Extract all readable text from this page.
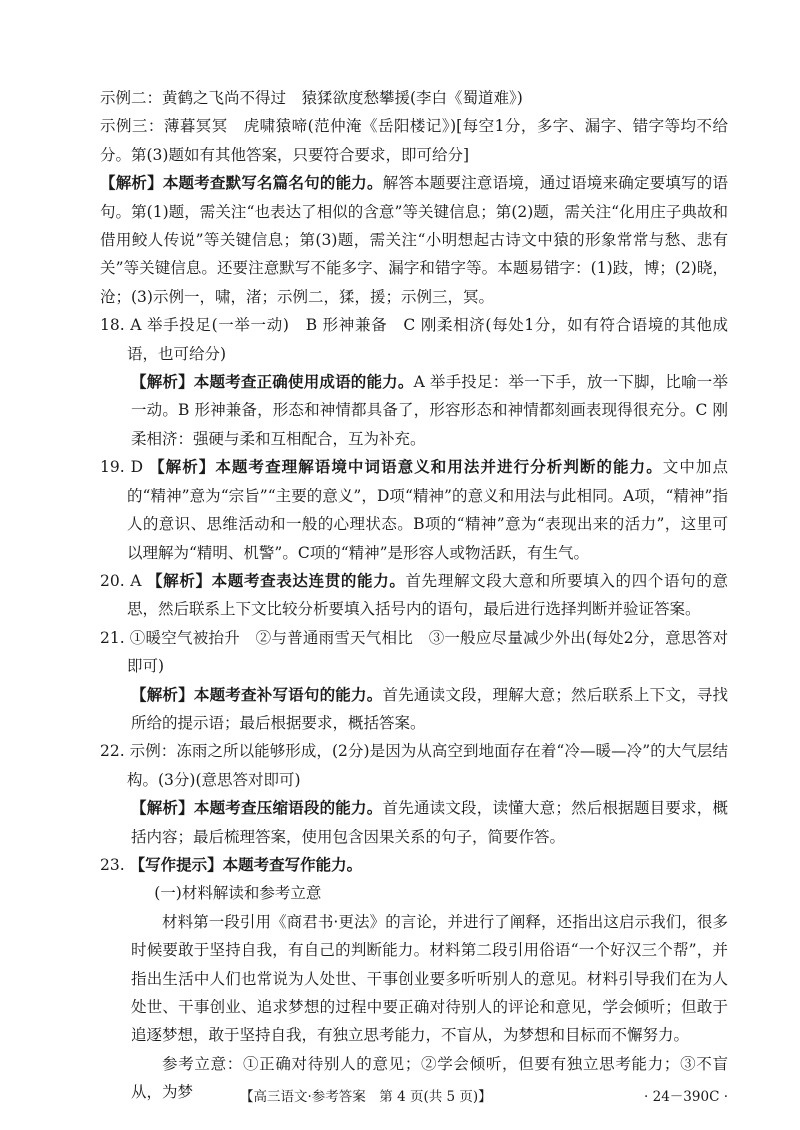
示例二：黄鹤之飞尚不得过　猿猱欲度愁攀援(李白《蜀道难》)

示例三：薄暮冥冥　虎啸猿啼(范仲淹《岳阳楼记》)[每空1分，多字、漏字、错字等均不给分。第(3)题如有其他答案，只要符合要求，即可给分]

【解析】本题考查默写名篇名句的能力。解答本题要注意语境，通过语境来确定要填写的语句。第(1)题，需关注“也表达了相似的含意”等关键信息；第(2)题，需关注“化用庄子典故和借用鲛人传说”等关键信息；第(3)题，需关注“小明想起古诗文中猿的形象常常与愁、悲有关”等关键信息。还要注意默写不能多字、漏字和错字等。本题易错字：(1)跂，博；(2)晓，沧；(3)示例一，啸，渚；示例二，猱，援；示例三，冥。

18. A 举手投足(一举一动)　B 形神兼备　C 刚柔相济(每处1分，如有符合语境的其他成语，也可给分)

【解析】本题考查正确使用成语的能力。A 举手投足：举一下手，放一下脚，比喻一举一动。B 形神兼备，形态和神情都具备了，形容形态和神情都刻画表现得很充分。C 刚柔相济：强硬与柔和互相配合，互为补充。

19. D 【解析】本题考查理解语境中词语意义和用法并进行分析判断的能力。文中加点的“精神”意为“宗旨”“主要的意义”，D项“精神”的意义和用法与此相同。A项，“精神”指人的意识、思维活动和一般的心理状态。B项的“精神”意为“表现出来的活力”，这里可以理解为“精明、机警”。C项的“精神”是形容人或物活跃，有生气。

20. A 【解析】本题考查表达连贯的能力。首先理解文段大意和所要填入的四个语句的意思，然后联系上下文比较分析要填入括号内的语句，最后进行选择判断并验证答案。

21. ①暖空气被抬升　②与普通雨雪天气相比　③一般应尽量减少外出(每处2分，意思答对即可)

【解析】本题考查补写语句的能力。首先通读文段，理解大意；然后联系上下文，寻找所给的提示语；最后根据要求，概括答案。

22. 示例：冻雨之所以能够形成，(2分)是因为从高空到地面存在着“冷—暖—冷”的大气层结构。(3分)(意思答对即可)

【解析】本题考查压缩语段的能力。首先通读文段，读懂大意；然后根据题目要求，概括内容；最后梳理答案，使用包含因果关系的句子，简要作答。

23. 【写作提示】本题考查写作能力。

(一)材料解读和参考立意

材料第一段引用《商君书·更法》的言论，并进行了阐释，还指出这启示我们，很多时候要敢于坚持自我，有自己的判断能力。材料第二段引用俗语“一个好汉三个帮”，并指出生活中人们也常说为人处世、干事创业要多听听别人的意见。材料引导我们在为人处世、干事创业、追求梦想的过程中要正确对待别人的评论和意见，学会倾听；但敢于追逐梦想，敢于坚持自我，有独立思考能力，不盲从，为梦想和目标而不懈努力。

参考立意：①正确对待别人的意见；②学会倾听，但要有独立思考能力；③不盲从，为梦	【高三语文·参考答案　第 4 页(共 5 页)】	· 24－390C ·
